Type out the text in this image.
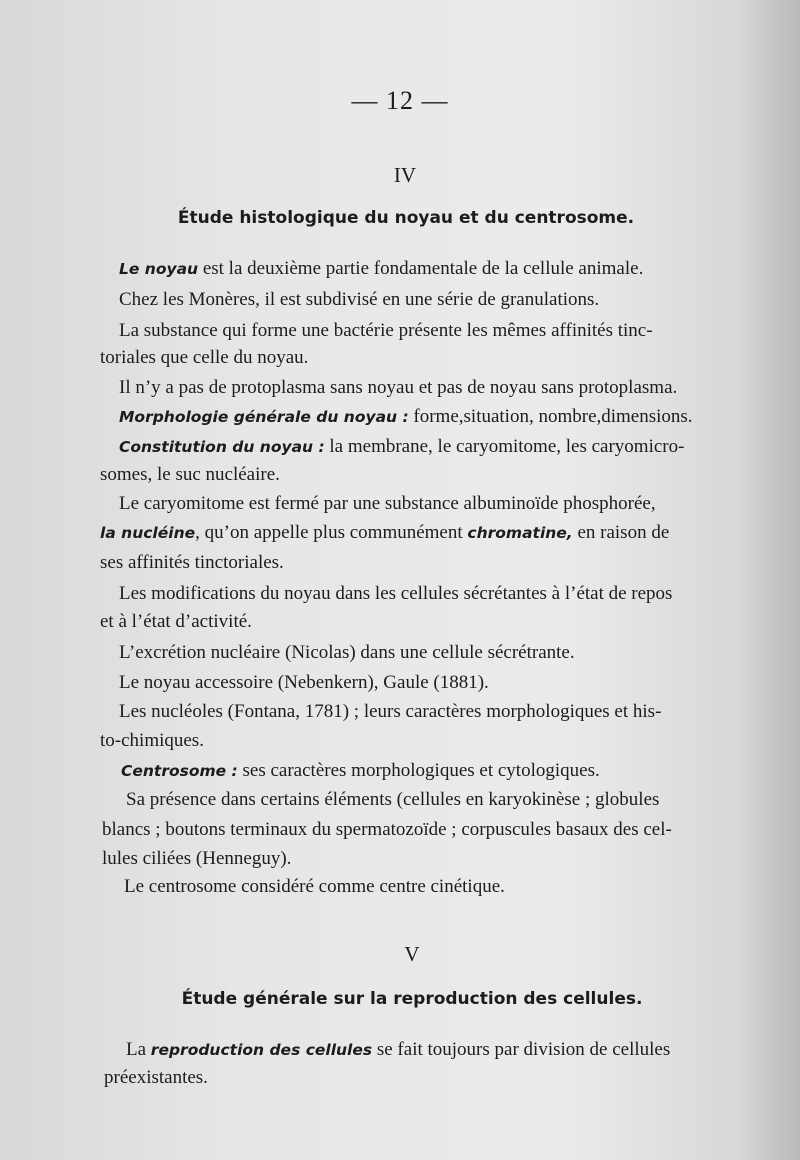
— 12 —
IV
Étude histologique du noyau et du centrosome.

Le noyau est la deuxième partie fondamentale de la cellule animale.

Chez les Monères, il est subdivisé en une série de granulations.

La substance qui forme une bactérie présente les mêmes affinités tinc-

toriales que celle du noyau.

Il n’y a pas de protoplasma sans noyau et pas de noyau sans protoplasma.

Morphologie générale du noyau : forme,situation, nombre,dimensions.

Constitution du noyau : la membrane, le caryomitome, les caryomicro-

somes, le suc nucléaire.

Le caryomitome est fermé par une substance albuminoïde phosphorée,

la nucléine, qu’on appelle plus communément chromatine, en raison de

ses affinités tinctoriales.

Les modifications du noyau dans les cellules sécrétantes à l’état de repos

et à l’état d’activité.

L’excrétion nucléaire (Nicolas) dans une cellule sécrétrante.

Le noyau accessoire (Nebenkern), Gaule (1881).

Les nucléoles (Fontana, 1781) ; leurs caractères morphologiques et his-

to-chimiques.

Centrosome : ses caractères morphologiques et cytologiques.

Sa présence dans certains éléments (cellules en karyokinèse ; globules

blancs ; boutons terminaux du spermatozoïde ; corpuscules basaux des cel-

lules ciliées (Henneguy).

Le centrosome considéré comme centre cinétique.

V
Étude générale sur la reproduction des cellules.

La reproduction des cellules se fait toujours par division de cellules

préexistantes.
